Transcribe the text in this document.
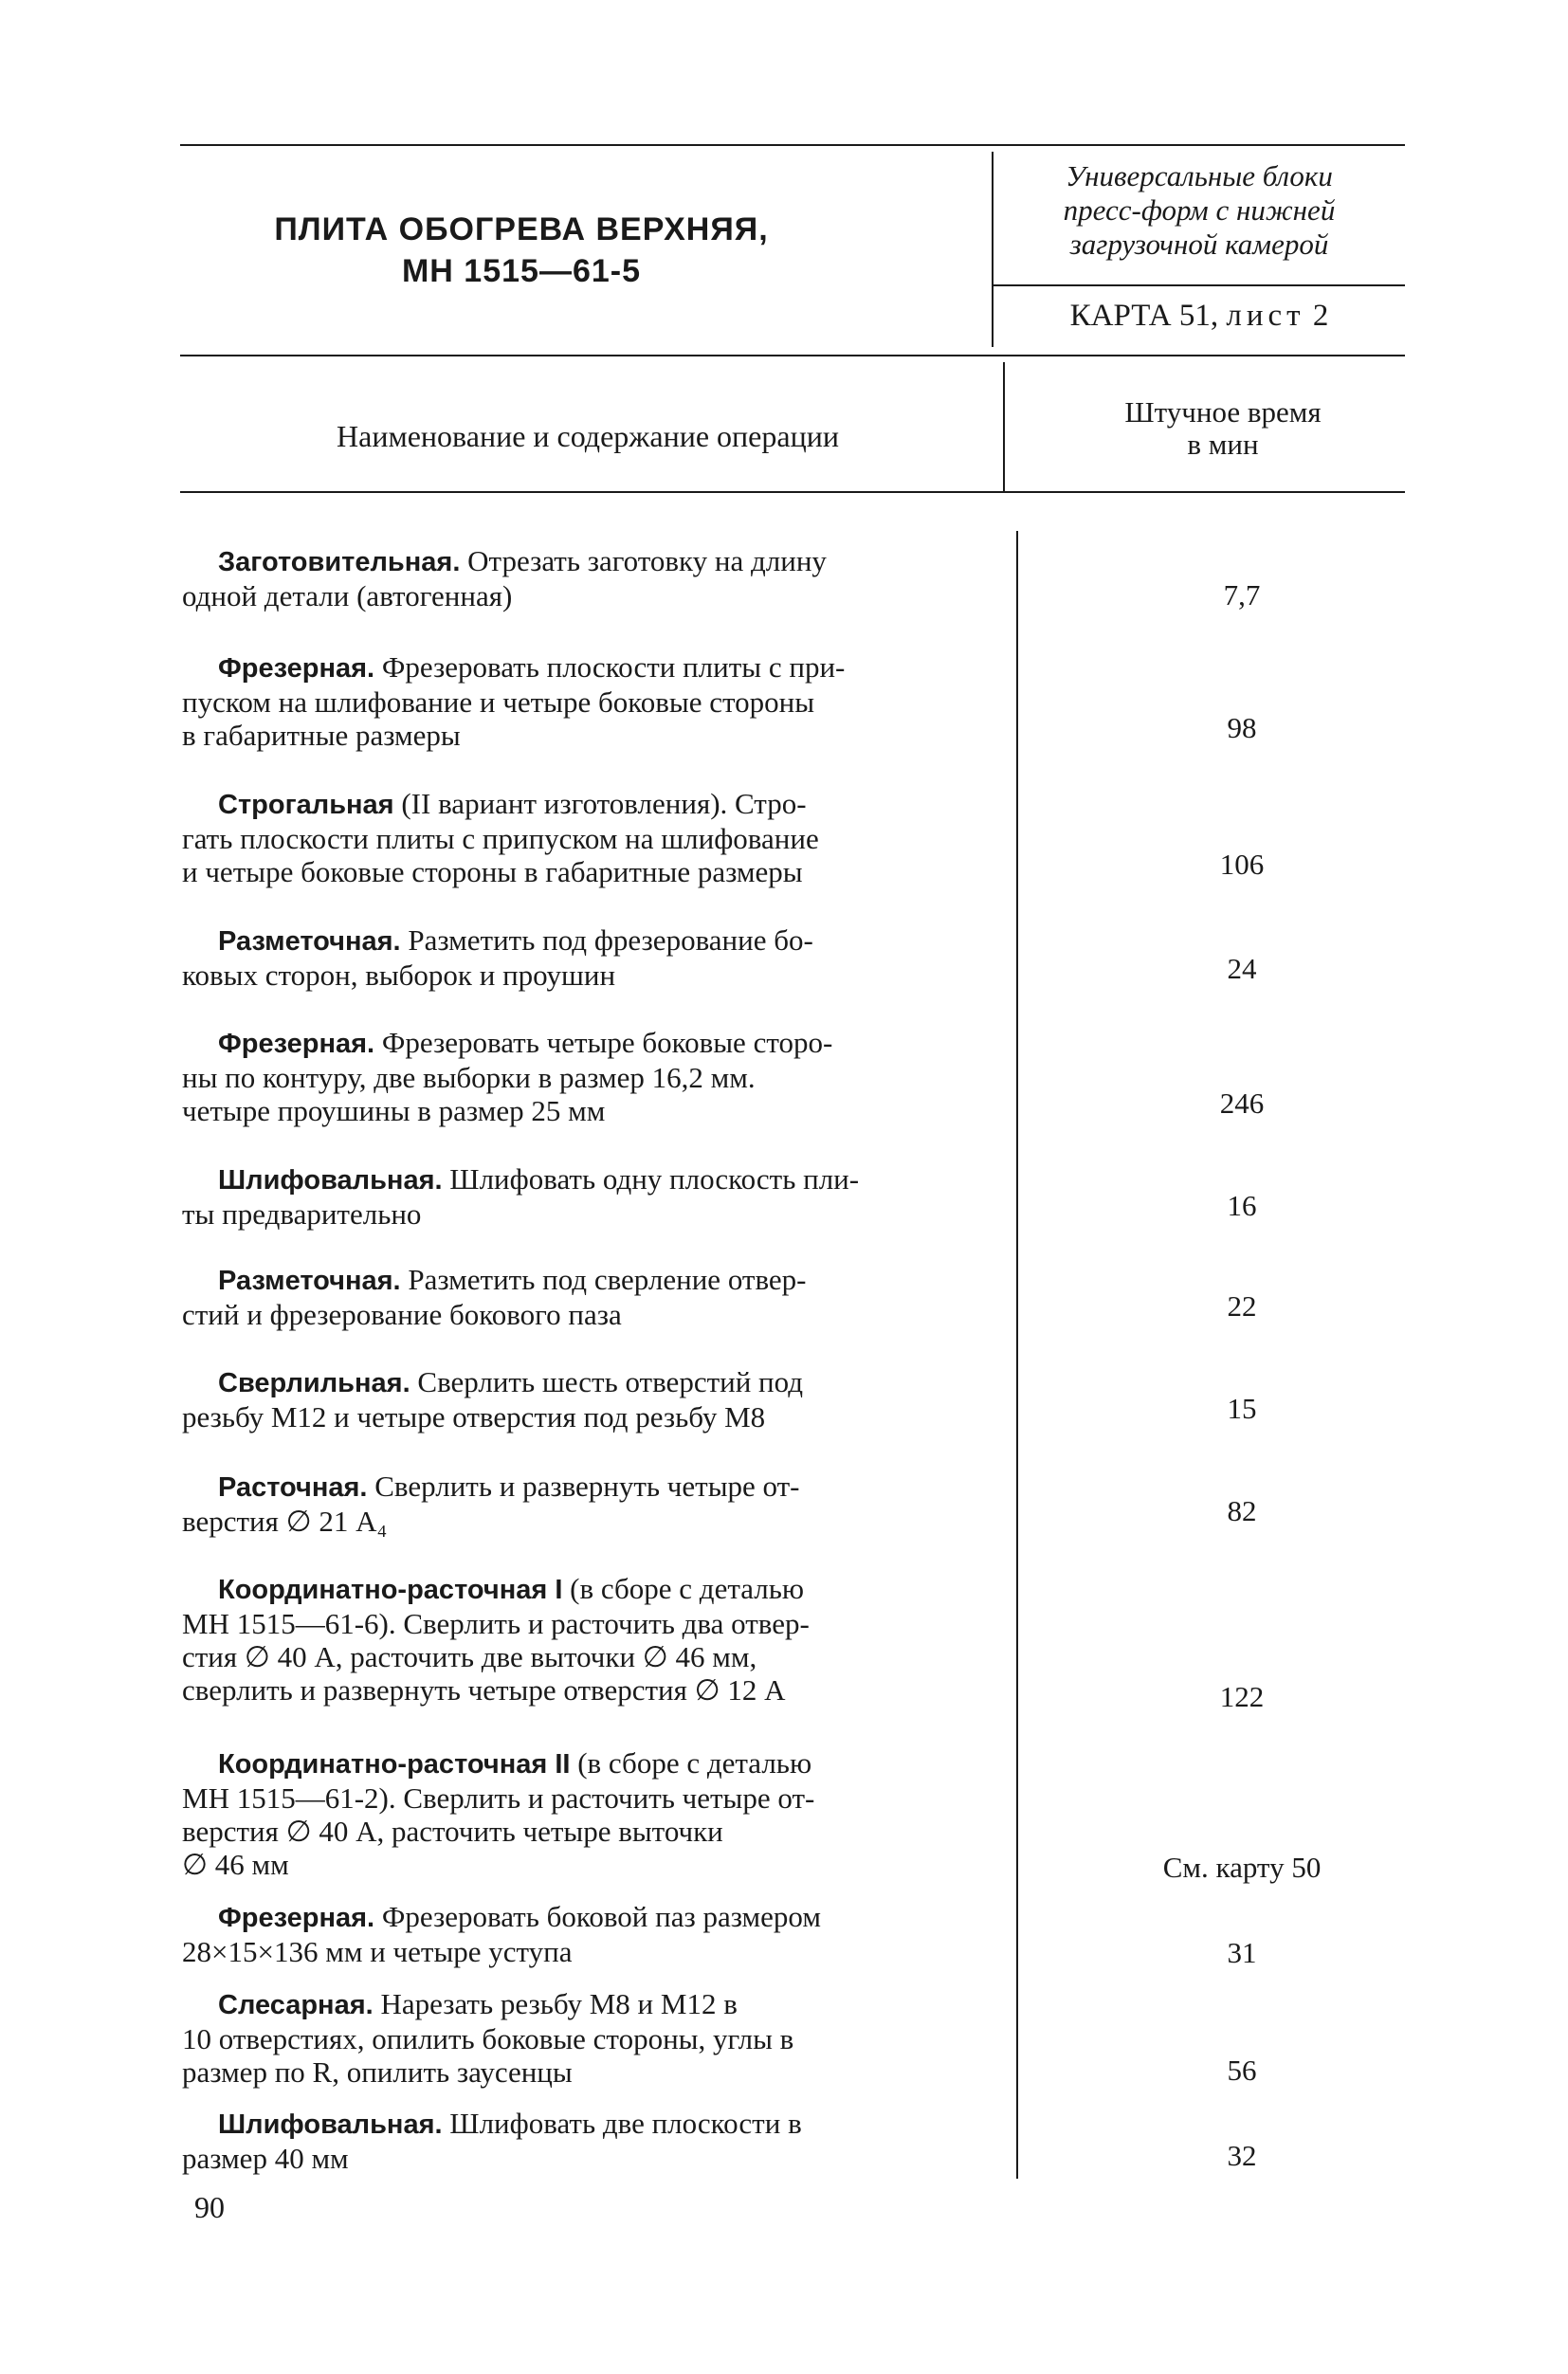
ПЛИТА ОБОГРЕВА ВЕРХНЯЯ,
МН 1515—61-5
Универсальные блоки
пресс-форм с нижней
загрузочной камерой
КАРТА 51, лист 2
Наименование и содержание операции
Штучное время
в мин
Заготовительная. Отрезать заготовку на длину
одной детали (автогенная)	7,7
Фрезерная. Фрезеровать плоскости плиты с при-
пуском на шлифование и четыре боковые стороны
в габаритные размеры	98
Строгальная (II вариант изготовления). Стро-
гать плоскости плиты с припуском на шлифование
и четыре боковые стороны в габаритные размеры	106
Разметочная. Разметить под фрезерование бо-
ковых сторон, выборок и проушин	24
Фрезерная. Фрезеровать четыре боковые сторо-
ны по контуру, две выборки в размер 16,2 мм.
четыре проушины в размер 25 мм	246
Шлифовальная. Шлифовать одну плоскость пли-
ты предварительно	16
Разметочная. Разметить под сверление отвер-
стий и фрезерование бокового паза	22
Сверлильная. Сверлить шесть отверстий под
резьбу М12 и четыре отверстия под резьбу М8	15
Расточная. Сверлить и развернуть четыре от-
верстия ∅ 21 A₄	82
Координатно-расточная I (в сборе с деталью
МН 1515—61-6). Сверлить и расточить два отвер-
стия ∅ 40 A, расточить две выточки ∅ 46 мм,
сверлить и развернуть четыре отверстия ∅ 12 A	122
Координатно-расточная II (в сборе с деталью
МН 1515—61-2). Сверлить и расточить четыре от-
верстия ∅ 40 A, расточить четыре выточки
∅ 46 мм	См. карту 50
Фрезерная. Фрезеровать боковой паз размером
28×15×136 мм и четыре уступа	31
Слесарная. Нарезать резьбу М8 и М12 в
10 отверстиях, опилить боковые стороны, углы в
размер по R, опилить заусенцы	56
Шлифовальная. Шлифовать две плоскости в
размер 40 мм	32
90
